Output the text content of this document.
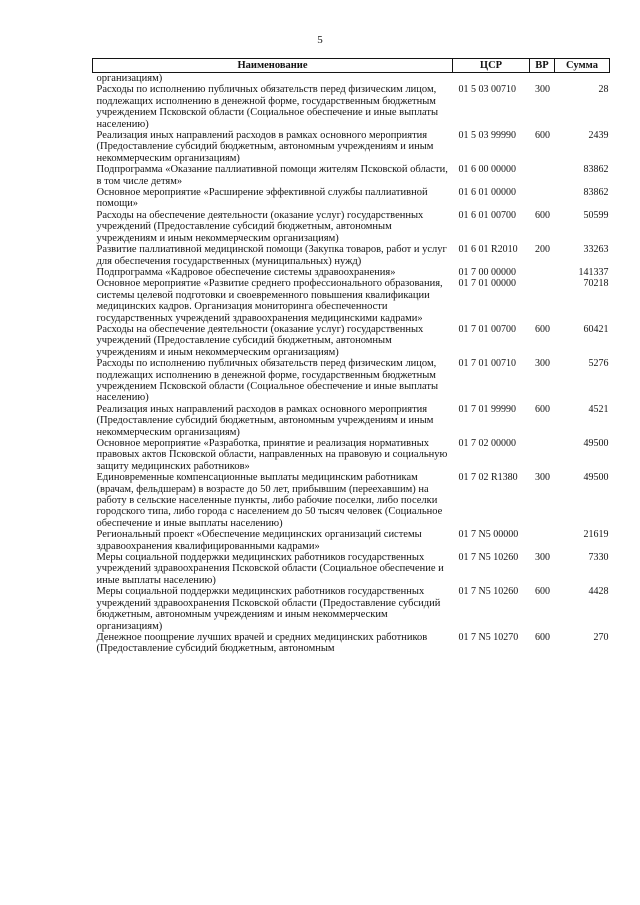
5
Наименование	ЦСР	ВР	Сумма
организациям)			
Расходы по исполнению публичных обязательств перед физическим лицом, подлежащих исполнению в денежной форме, государственным бюджетным учреждением Псковской области (Социальное обеспечение и иные выплаты населению)	01 5 03 00710	300	28
Реализация иных направлений расходов в рамках основного мероприятия (Предоставление субсидий бюджетным, автономным учреждениям и иным некоммерческим организациям)	01 5 03 99990	600	2439
Подпрограмма «Оказание паллиативной помощи жителям Псковской области, в том числе детям»	01 6 00 00000		83862
Основное мероприятие «Расширение эффективной службы паллиативной помощи»	01 6 01 00000		83862
Расходы на обеспечение деятельности (оказание услуг) государственных учреждений (Предоставление субсидий бюджетным, автономным учреждениям и иным некоммерческим организациям)	01 6 01 00700	600	50599
Развитие паллиативной медицинской помощи (Закупка товаров, работ и услуг для обеспечения государственных (муниципальных) нужд)	01 6 01 R2010	200	33263
Подпрограмма «Кадровое обеспечение системы здравоохранения»	01 7 00 00000		141337
Основное мероприятие «Развитие среднего профессионального образования, системы целевой подготовки и своевременного повышения квалификации медицинских кадров. Организация мониторинга обеспеченности государственных учреждений здравоохранения медицинскими кадрами»	01 7 01 00000		70218
Расходы на обеспечение деятельности (оказание услуг) государственных учреждений (Предоставление субсидий бюджетным, автономным учреждениям и иным некоммерческим организациям)	01 7 01 00700	600	60421
Расходы по исполнению публичных обязательств перед физическим лицом, подлежащих исполнению в денежной форме, государственным бюджетным учреждением Псковской области (Социальное обеспечение и иные выплаты населению)	01 7 01 00710	300	5276
Реализация иных направлений расходов в рамках основного мероприятия (Предоставление субсидий бюджетным, автономным учреждениям и иным некоммерческим организациям)	01 7 01 99990	600	4521
Основное мероприятие «Разработка, принятие и реализация нормативных правовых актов Псковской области, направленных на правовую и социальную защиту медицинских работников»	01 7 02 00000		49500
Единовременные компенсационные выплаты медицинским работникам (врачам, фельдшерам) в возрасте до 50 лет, прибывшим (переехавшим) на работу в сельские населенные пункты, либо рабочие поселки, либо поселки городского типа, либо города с населением до 50 тысяч человек (Социальное обеспечение и иные выплаты населению)	01 7 02 R1380	300	49500
Региональный проект «Обеспечение медицинских организаций системы здравоохранения квалифицированными кадрами»	01 7 N5 00000		21619
Меры социальной поддержки медицинских работников государственных учреждений здравоохранения Псковской области (Социальное обеспечение и иные выплаты населению)	01 7 N5 10260	300	7330
Меры социальной поддержки медицинских работников государственных учреждений здравоохранения Псковской области (Предоставление субсидий бюджетным, автономным учреждениям и иным некоммерческим организациям)	01 7 N5 10260	600	4428
Денежное поощрение лучших врачей и средних медицинских работников (Предоставление субсидий бюджетным, автономным	01 7 N5 10270	600	270
